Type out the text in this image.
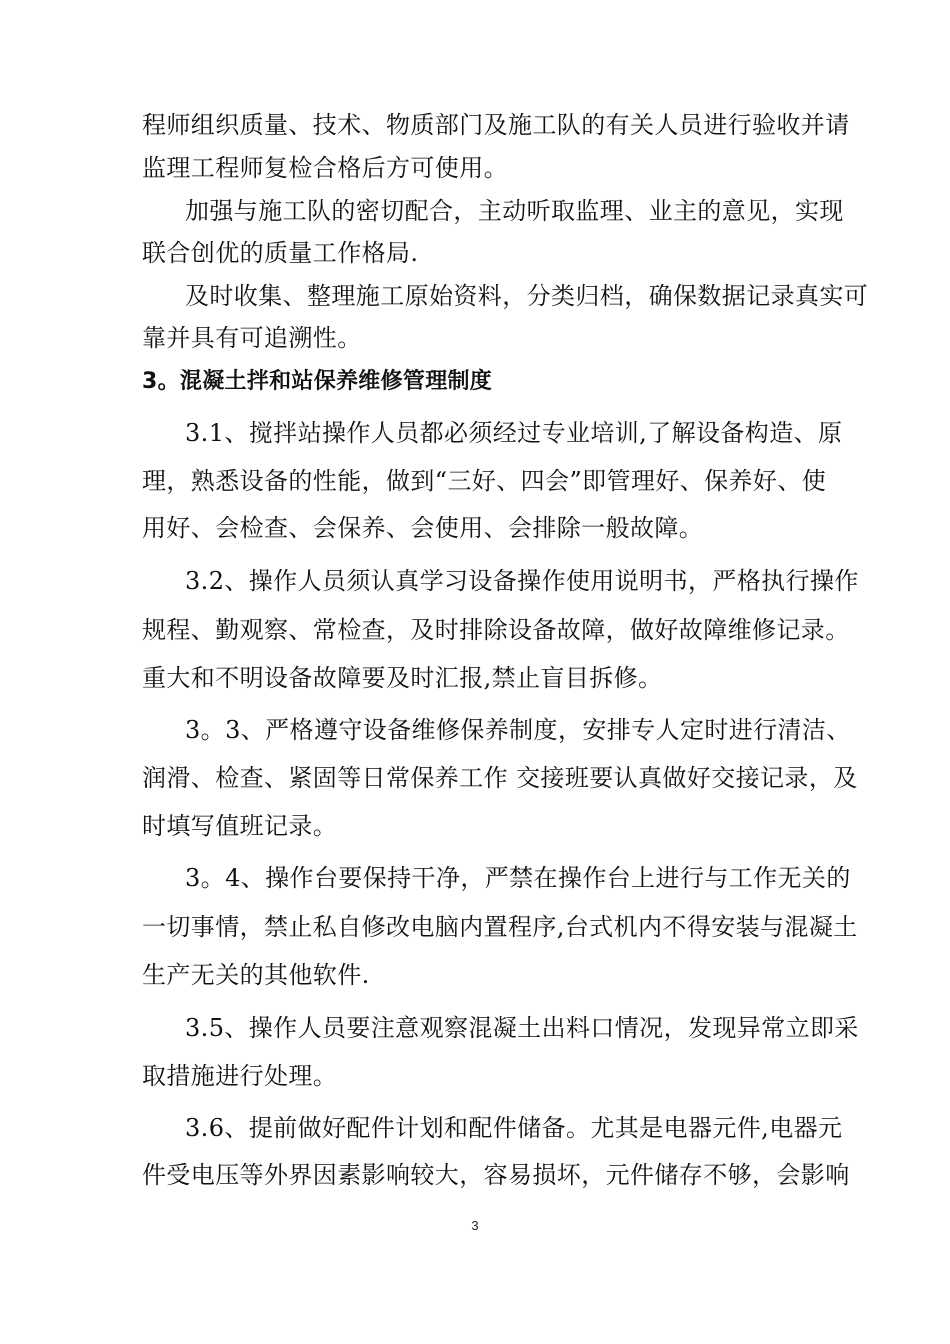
程师组织质量、技术、物质部门及施工队的有关人员进行验收并请
监理工程师复检合格后方可使用。
加强与施工队的密切配合，主动听取监理、业主的意见，实现
联合创优的质量工作格局.
及时收集、整理施工原始资料，分类归档，确保数据记录真实可
靠并具有可追溯性。
3。混凝土拌和站保养维修管理制度
3.1、搅拌站操作人员都必须经过专业培训,了解设备构造、原
理，熟悉设备的性能，做到“三好、四会”即管理好、保养好、使
用好、会检查、会保养、会使用、会排除一般故障。
3.2、操作人员须认真学习设备操作使用说明书，严格执行操作
规程、勤观察、常检查，及时排除设备故障，做好故障维修记录。
重大和不明设备故障要及时汇报,禁止盲目拆修。
3。3、严格遵守设备维修保养制度，安排专人定时进行清洁、
润滑、检查、紧固等日常保养工作 交接班要认真做好交接记录，及
时填写值班记录。
3。4、操作台要保持干净，严禁在操作台上进行与工作无关的
一切事情，禁止私自修改电脑内置程序,台式机内不得安装与混凝土
生产无关的其他软件.
3.5、操作人员要注意观察混凝土出料口情况，发现异常立即采
取措施进行处理。
3.6、提前做好配件计划和配件储备。尤其是电器元件,电器元
件受电压等外界因素影响较大，容易损坏，元件储存不够，会影响
3
